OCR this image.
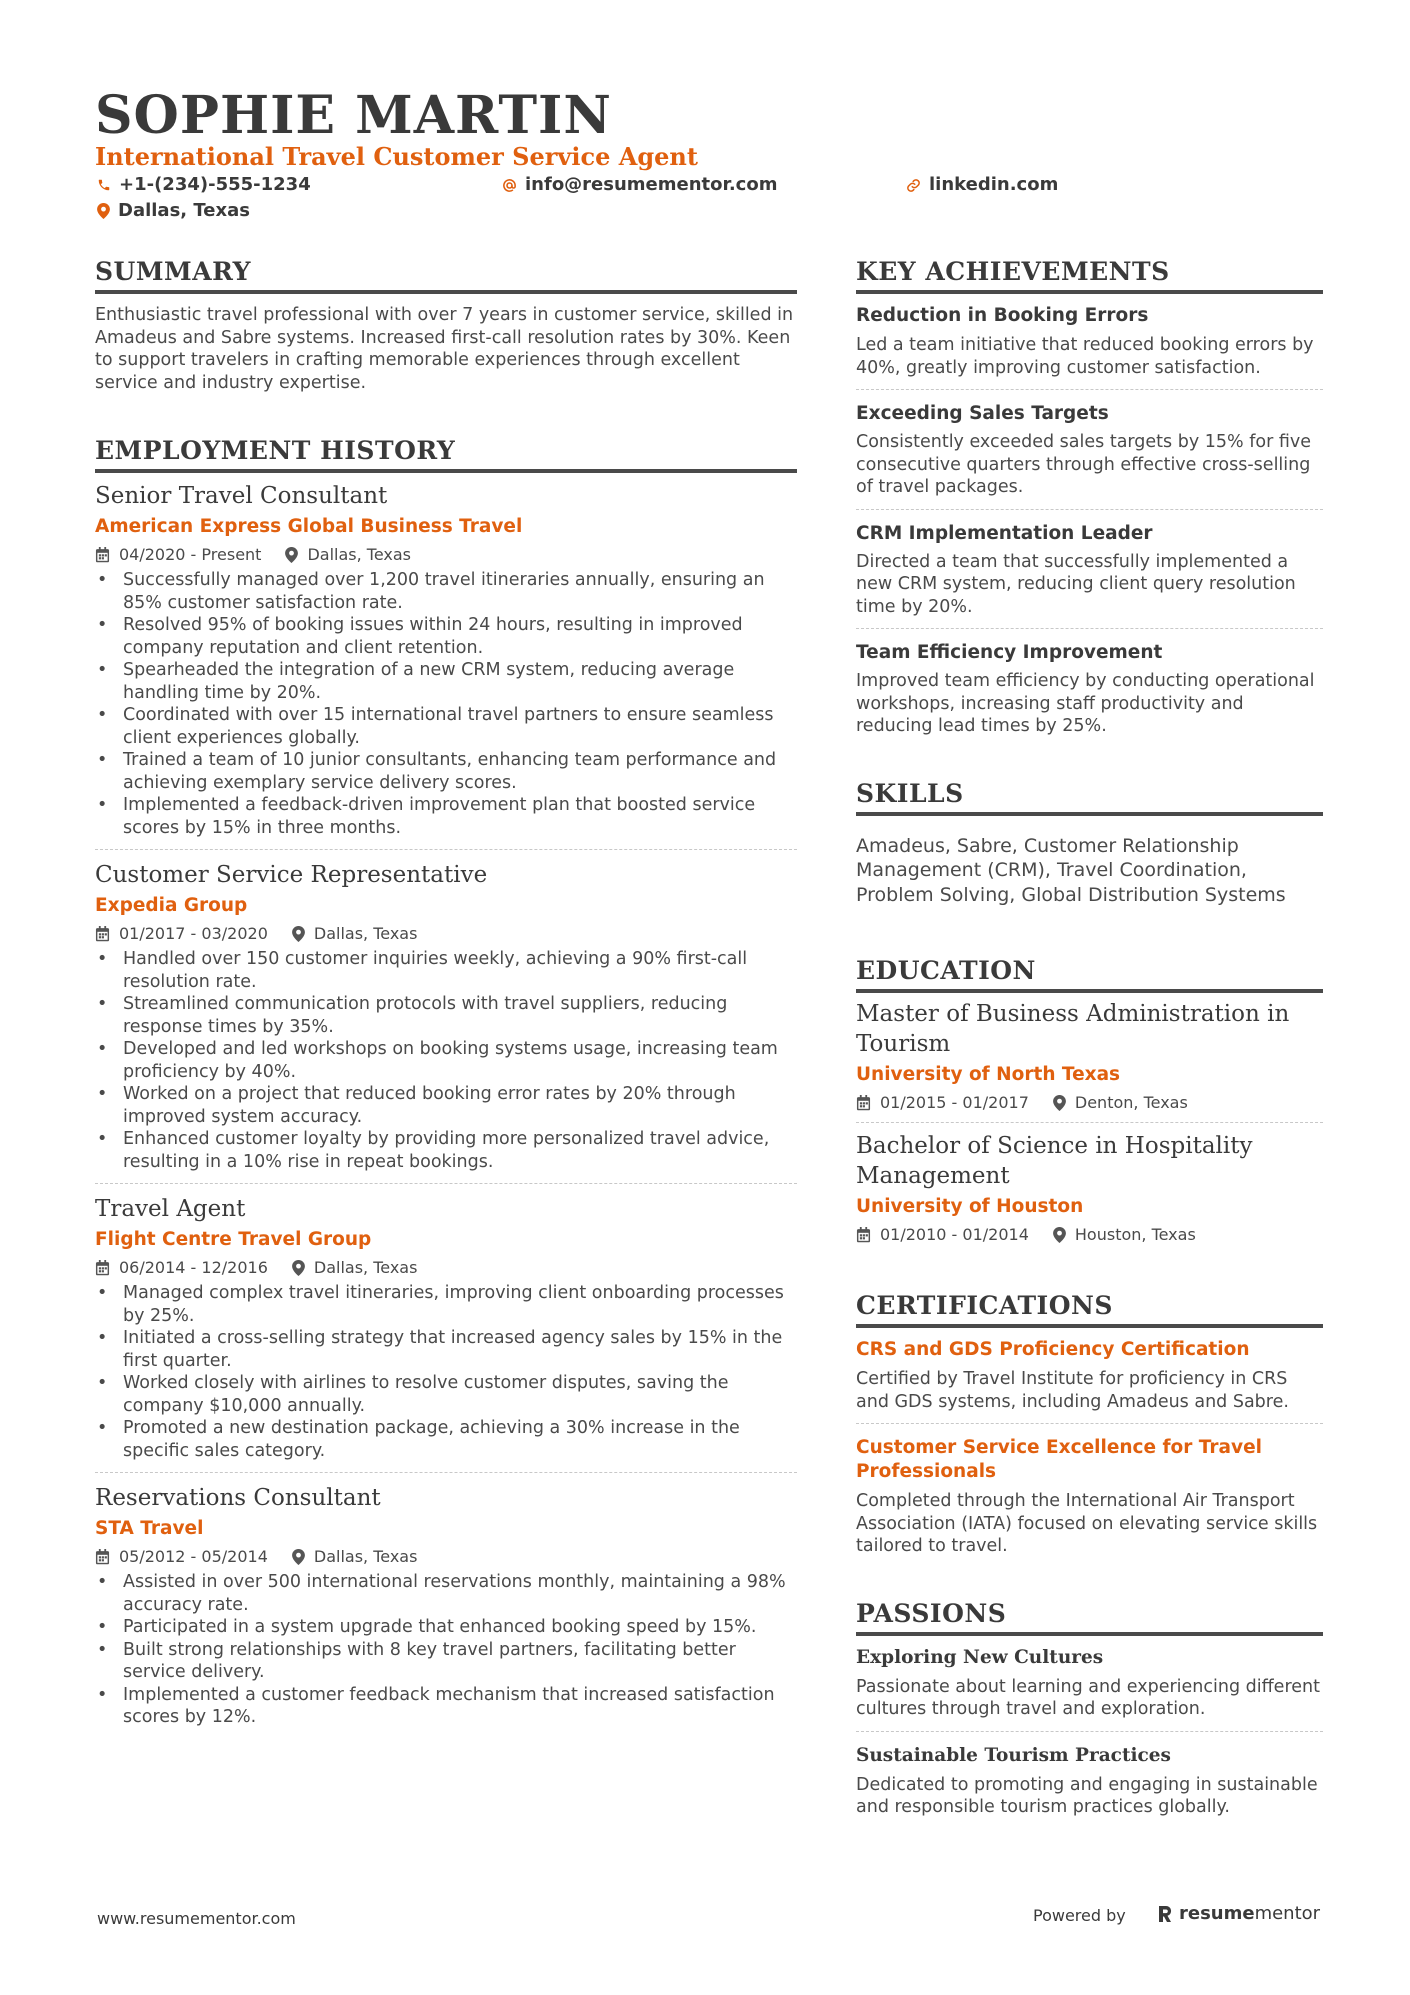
SOPHIE MARTIN
International Travel Customer Service Agent
+1-(234)-555-1234	info@resumementor.com	linkedin.com
Dallas, Texas
SUMMARY
Enthusiastic travel professional with over 7 years in customer service, skilled in Amadeus and Sabre systems. Increased first-call resolution rates by 30%. Keen to support travelers in crafting memorable experiences through excellent service and industry expertise.
EMPLOYMENT HISTORY
Senior Travel Consultant
American Express Global Business Travel
04/2020 - Present	Dallas, Texas
• Successfully managed over 1,200 travel itineraries annually, ensuring an 85% customer satisfaction rate.
• Resolved 95% of booking issues within 24 hours, resulting in improved company reputation and client retention.
• Spearheaded the integration of a new CRM system, reducing average handling time by 20%.
• Coordinated with over 15 international travel partners to ensure seamless client experiences globally.
• Trained a team of 10 junior consultants, enhancing team performance and achieving exemplary service delivery scores.
• Implemented a feedback-driven improvement plan that boosted service scores by 15% in three months.
Customer Service Representative
Expedia Group
01/2017 - 03/2020	Dallas, Texas
• Handled over 150 customer inquiries weekly, achieving a 90% first-call resolution rate.
• Streamlined communication protocols with travel suppliers, reducing response times by 35%.
• Developed and led workshops on booking systems usage, increasing team proficiency by 40%.
• Worked on a project that reduced booking error rates by 20% through improved system accuracy.
• Enhanced customer loyalty by providing more personalized travel advice, resulting in a 10% rise in repeat bookings.
Travel Agent
Flight Centre Travel Group
06/2014 - 12/2016	Dallas, Texas
• Managed complex travel itineraries, improving client onboarding processes by 25%.
• Initiated a cross-selling strategy that increased agency sales by 15% in the first quarter.
• Worked closely with airlines to resolve customer disputes, saving the company $10,000 annually.
• Promoted a new destination package, achieving a 30% increase in the specific sales category.
Reservations Consultant
STA Travel
05/2012 - 05/2014	Dallas, Texas
• Assisted in over 500 international reservations monthly, maintaining a 98% accuracy rate.
• Participated in a system upgrade that enhanced booking speed by 15%.
• Built strong relationships with 8 key travel partners, facilitating better service delivery.
• Implemented a customer feedback mechanism that increased satisfaction scores by 12%.
KEY ACHIEVEMENTS
Reduction in Booking Errors
Led a team initiative that reduced booking errors by 40%, greatly improving customer satisfaction.
Exceeding Sales Targets
Consistently exceeded sales targets by 15% for five consecutive quarters through effective cross-selling of travel packages.
CRM Implementation Leader
Directed a team that successfully implemented a new CRM system, reducing client query resolution time by 20%.
Team Efficiency Improvement
Improved team efficiency by conducting operational workshops, increasing staff productivity and reducing lead times by 25%.
SKILLS
Amadeus, Sabre, Customer Relationship Management (CRM), Travel Coordination, Problem Solving, Global Distribution Systems
EDUCATION
Master of Business Administration in Tourism
University of North Texas
01/2015 - 01/2017	Denton, Texas
Bachelor of Science in Hospitality Management
University of Houston
01/2010 - 01/2014	Houston, Texas
CERTIFICATIONS
CRS and GDS Proficiency Certification
Certified by Travel Institute for proficiency in CRS and GDS systems, including Amadeus and Sabre.
Customer Service Excellence for Travel Professionals
Completed through the International Air Transport Association (IATA) focused on elevating service skills tailored to travel.
PASSIONS
Exploring New Cultures
Passionate about learning and experiencing different cultures through travel and exploration.
Sustainable Tourism Practices
Dedicated to promoting and engaging in sustainable and responsible tourism practices globally.
www.resumementor.com	Powered by	resume mentor
